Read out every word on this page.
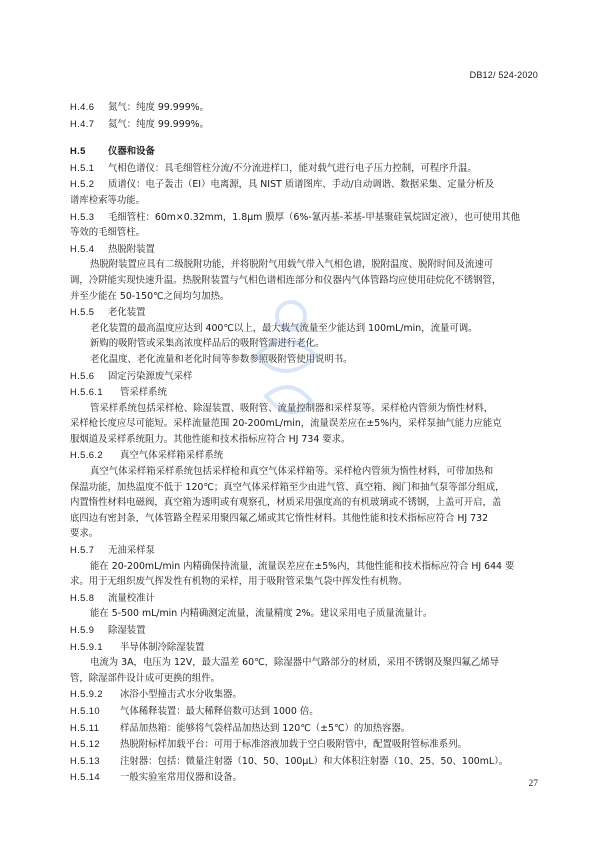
DB12/ 524-2020
H.4.6 氮气：纯度 99.999%。
H.4.7 氦气：纯度 99.999%。
H.5 仪器和设备
H.5.1 气相色谱仪：具毛细管柱分流/不分流进样口，能对载气进行电子压力控制，可程序升温。
H.5.2 质谱仪：电子轰击（EI）电离源，具 NIST 质谱图库、手动/自动调谐、数据采集、定量分析及
谱库检索等功能。
H.5.3 毛细管柱：60m×0.32mm，1.8μm 膜厚（6%-氰丙基-苯基-甲基聚硅氧烷固定液），也可使用其他
等效的毛细管柱。
H.5.4 热脱附装置
热脱附装置应具有二级脱附功能，并将脱附气用载气带入气相色谱，脱附温度、脱附时间及流速可
调，冷阱能实现快速升温。热脱附装置与气相色谱相连部分和仪器内气体管路均应使用硅烷化不锈钢管，
并至少能在 50-150℃之间均匀加热。
H.5.5 老化装置
老化装置的最高温度应达到 400℃以上，最大载气流量至少能达到 100mL/min，流量可调。
新购的吸附管或采集高浓度样品后的吸附管需进行老化。
老化温度、老化流量和老化时间等参数参照吸附管使用说明书。
H.5.6 固定污染源废气采样
H.5.6.1 管采样系统
管采样系统包括采样枪、除湿装置、吸附管、流量控制器和采样泵等。采样枪内管须为惰性材料，
采样枪长度应尽可能短。采样流量范围 20-200mL/min，流量误差应在±5%内，采样泵抽气能力应能克
服烟道及采样系统阻力。其他性能和技术指标应符合 HJ 734 要求。
H.5.6.2 真空气体采样箱采样系统
真空气体采样箱采样系统包括采样枪和真空气体采样箱等。采样枪内管须为惰性材料，可带加热和
保温功能，加热温度不低于 120℃；真空气体采样箱至少由进气管、真空箱、阀门和抽气泵等部分组成，
内置惰性材料电磁阀，真空箱为透明或有观察孔，材质采用强度高的有机玻璃或不锈钢，上盖可开启，盖
底四边有密封条，气体管路全程采用聚四氟乙烯或其它惰性材料。其他性能和技术指标应符合 HJ 732
要求。
H.5.7 无油采样泵
能在 20-200mL/min 内精确保持流量，流量误差应在±5%内，其他性能和技术指标应符合 HJ 644 要
求。用于无组织废气挥发性有机物的采样，用于吸附管采集气袋中挥发性有机物。
H.5.8 流量校准计
能在 5-500 mL/min 内精确测定流量，流量精度 2%。建议采用电子质量流量计。
H.5.9 除湿装置
H.5.9.1 半导体制冷除湿装置
电流为 3A，电压为 12V，最大温差 60℃，除湿器中气路部分的材质，采用不锈钢及聚四氟乙烯导
管，除湿部件设计成可更换的组件。
H.5.9.2 冰浴小型撞击式水分收集器。
H.5.10 气体稀释装置：最大稀释倍数可达到 1000 倍。
H.5.11 样品加热箱：能够将气袋样品加热达到 120℃（±5℃）的加热容器。
H.5.12 热脱附标样加载平台：可用于标准溶液加载于空白吸附管中，配置吸附管标准系列。
H.5.13 注射器：包括：微量注射器（10、50、100μL）和大体积注射器（10、25、50、100mL）。
H.5.14 一般实验室常用仪器和设备。
27
